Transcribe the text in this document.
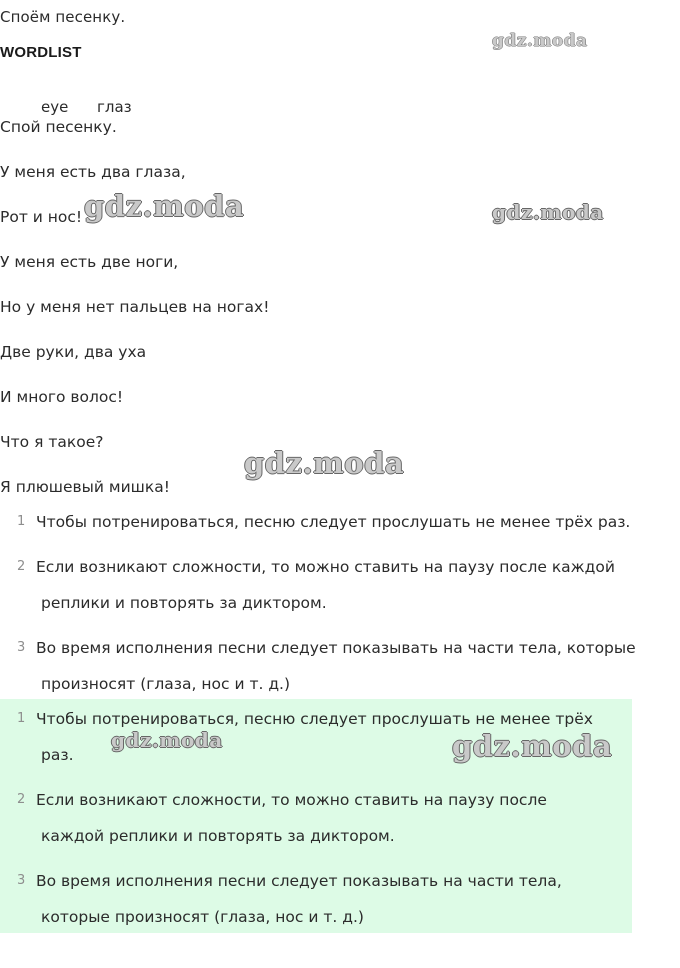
Споём песенку.
WORDLIST
eye глаз
Спой песенку.
У меня есть два глаза,
Рот и нос!
У меня есть две ноги,
Но у меня нет пальцев на ногах!
Две руки, два уха
И много волос!
Что я такое?
Я плюшевый мишка!
1 Чтобы потренироваться, песню следует прослушать не менее трёх раз.
2 Если возникают сложности, то можно ставить на паузу после каждой
реплики и повторять за диктором.
3 Во время исполнения песни следует показывать на части тела, которые
произносят (глаза, нос и т. д.)
1 Чтобы потренироваться, песню следует прослушать не менее трёх
раз.
2 Если возникают сложности, то можно ставить на паузу после
каждой реплики и повторять за диктором.
3 Во время исполнения песни следует показывать на части тела,
которые произносят (глаза, нос и т. д.)
gdz.moda
gdz.moda	gdz.moda
gdz.moda
gdz.moda	gdz.moda
